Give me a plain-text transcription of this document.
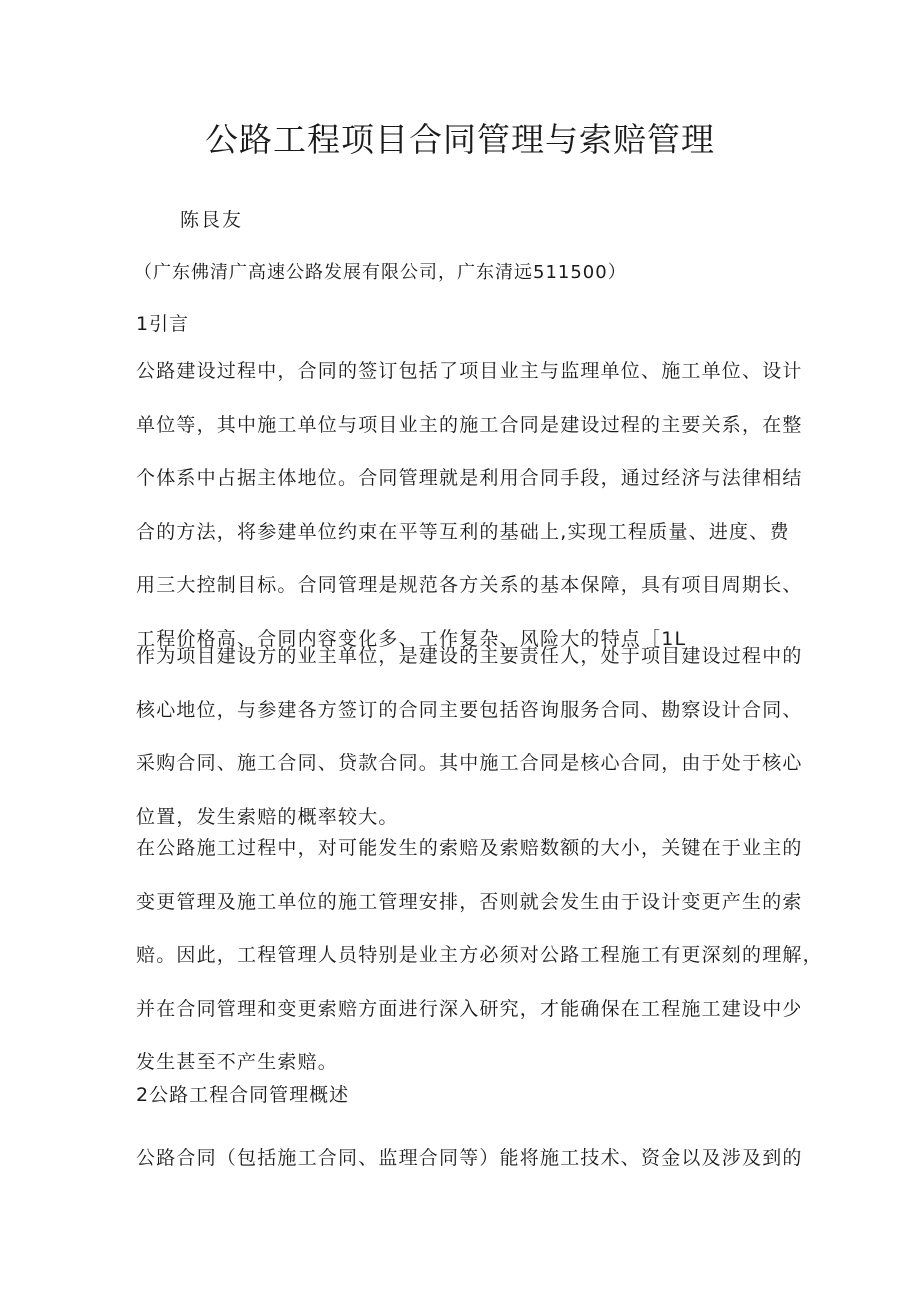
公路工程项目合同管理与索赔管理
陈艮友
（广东佛清广高速公路发展有限公司，广东清远511500）
1引言
公路建设过程中，合同的签订包括了项目业主与监理单位、施工单位、设计
单位等，其中施工单位与项目业主的施工合同是建设过程的主要关系，在整
个体系中占据主体地位。合同管理就是利用合同手段，通过经济与法律相结
合的方法，将参建单位约束在平等互利的基础上,实现工程质量、进度、费
用三大控制目标。合同管理是规范各方关系的基本保障，具有项目周期长、
工程价格高、合同内容变化多、工作复杂、风险大的特点［1L
作为项目建设方的业主单位，是建设的主要责任人，处于项目建设过程中的
核心地位，与参建各方签订的合同主要包括咨询服务合同、勘察设计合同、
采购合同、施工合同、贷款合同。其中施工合同是核心合同，由于处于核心
位置，发生索赔的概率较大。
在公路施工过程中，对可能发生的索赔及索赔数额的大小，关键在于业主的
变更管理及施工单位的施工管理安排，否则就会发生由于设计变更产生的索
赔。因此，工程管理人员特别是业主方必须对公路工程施工有更深刻的理解，
并在合同管理和变更索赔方面进行深入研究，才能确保在工程施工建设中少
发生甚至不产生索赔。
2公路工程合同管理概述
公路合同（包括施工合同、监理合同等）能将施工技术、资金以及涉及到的
